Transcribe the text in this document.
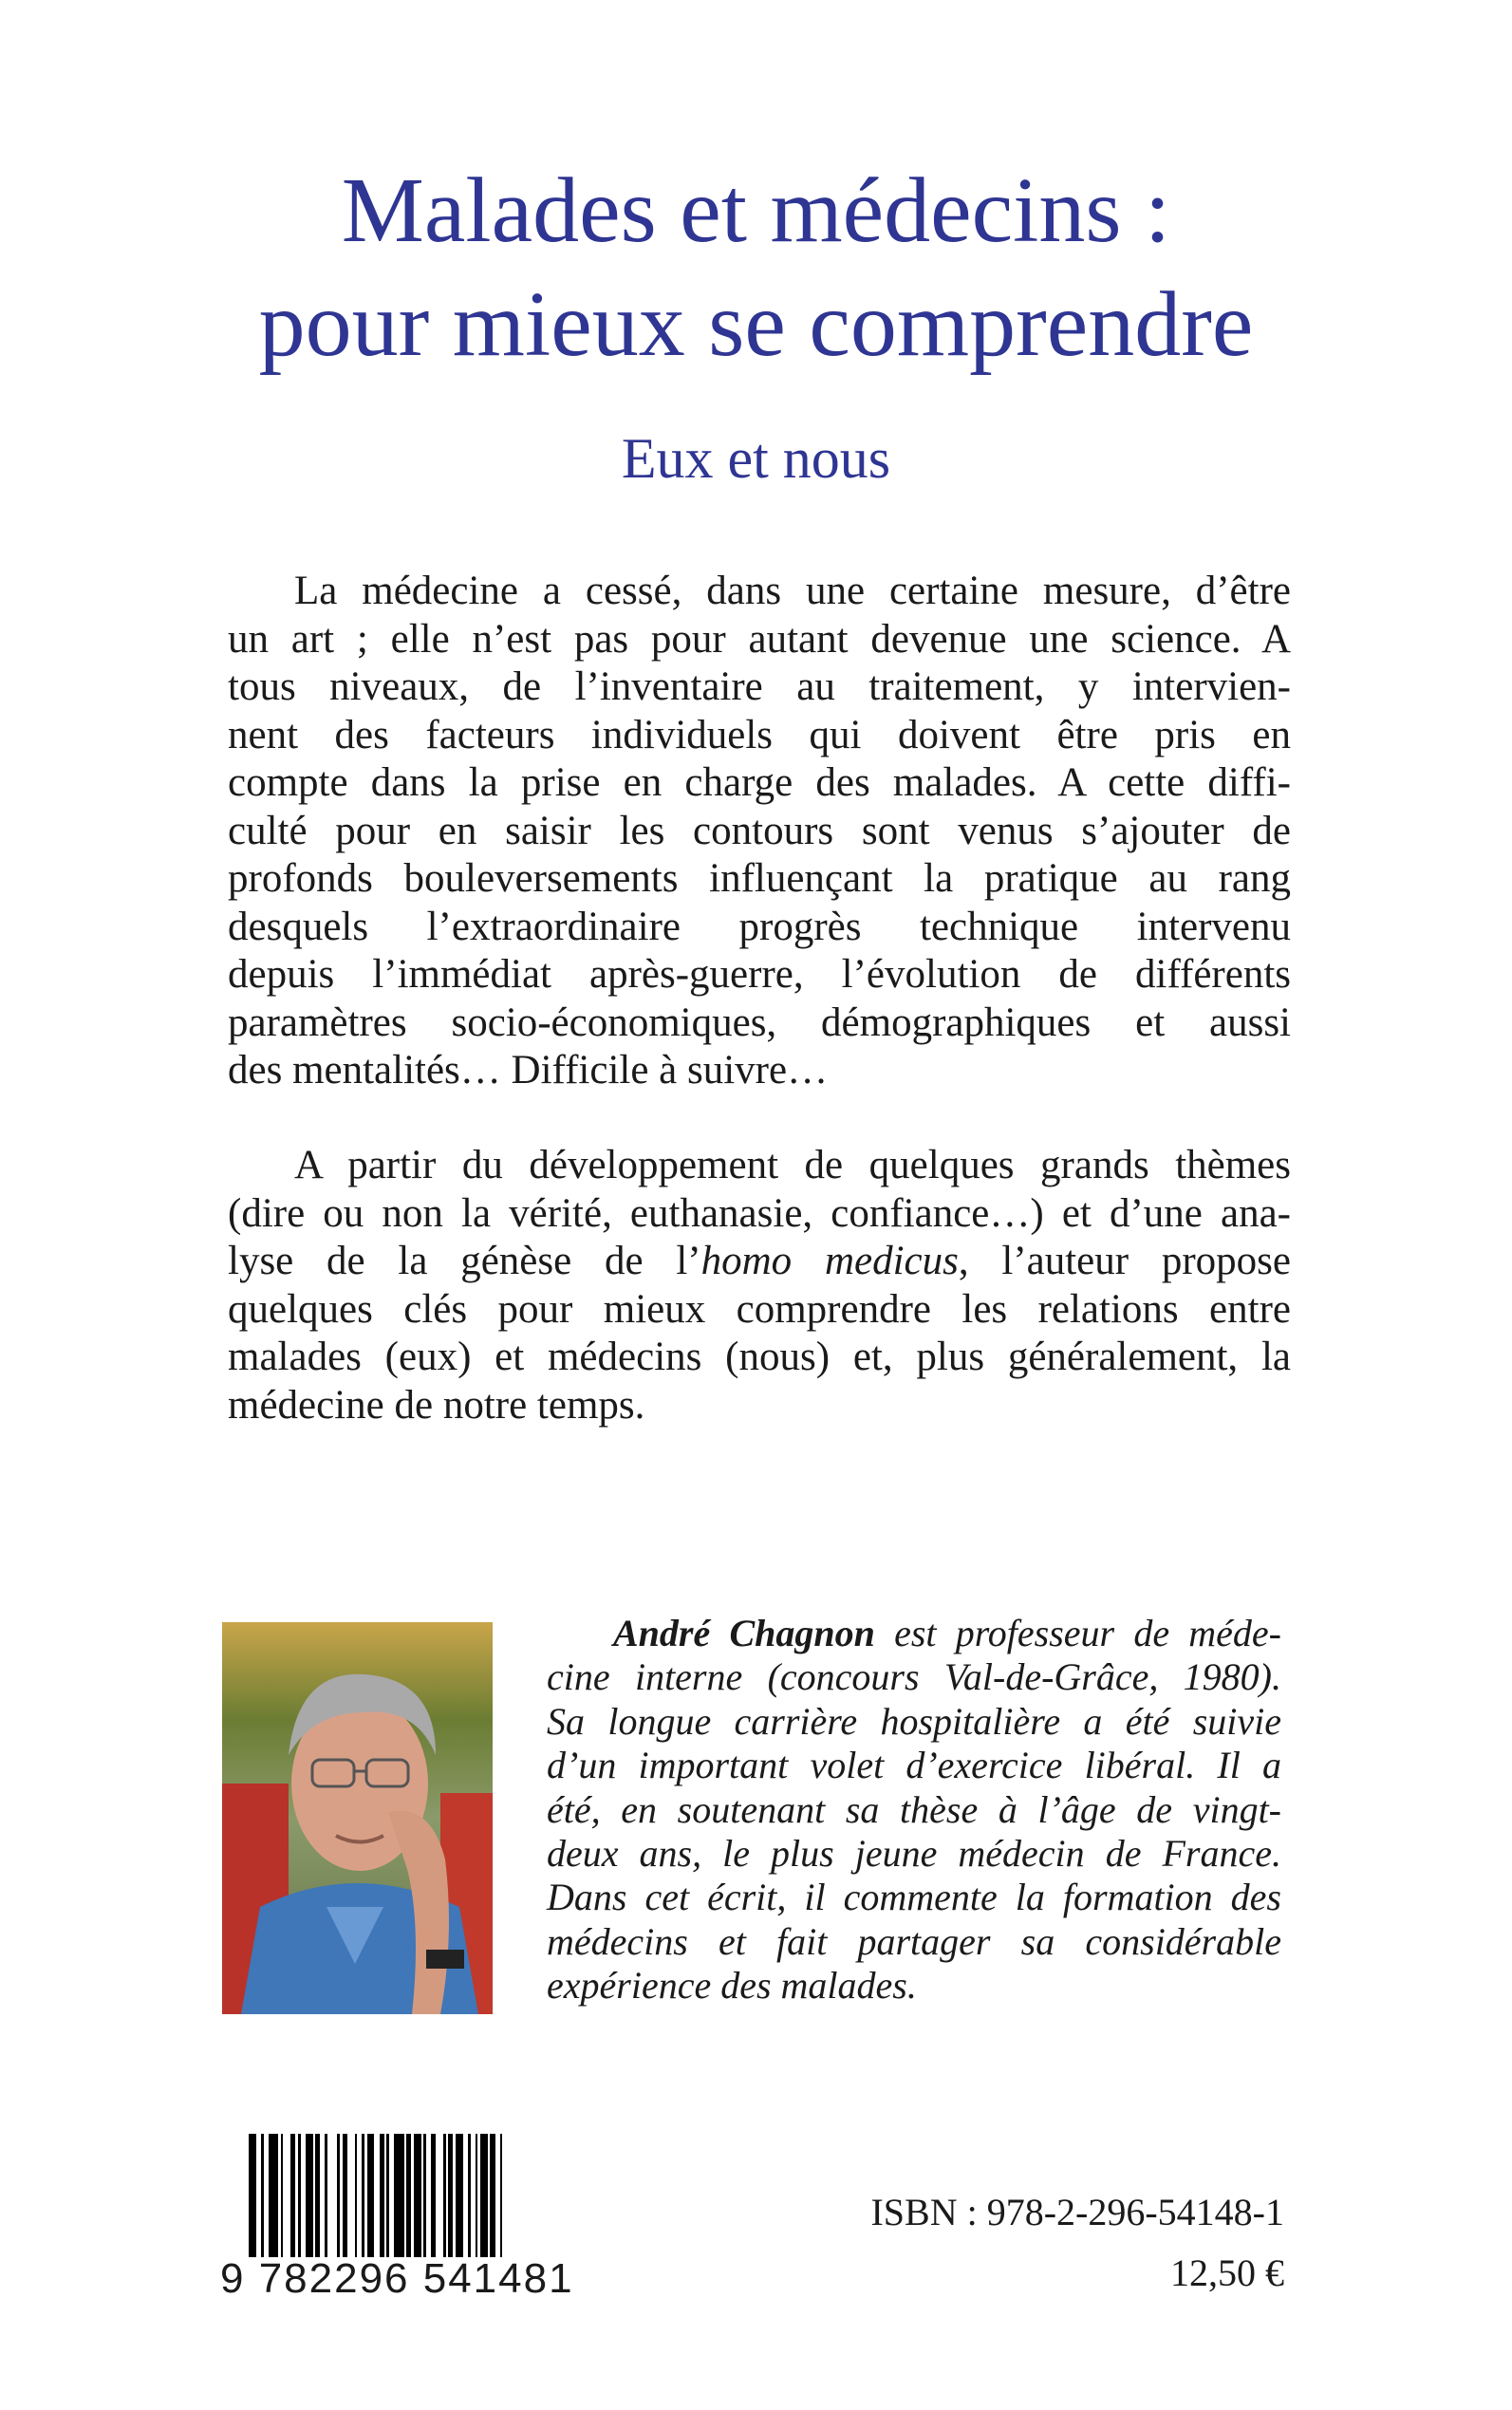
Malades et médecins :
pour mieux se comprendre
Eux et nous
La médecine a cessé, dans une certaine mesure, d’être
un art ; elle n’est pas pour autant devenue une science. A
tous niveaux, de l’inventaire au traitement, y intervien-
nent des facteurs individuels qui doivent être pris en
compte dans la prise en charge des malades. A cette diffi-
culté pour en saisir les contours sont venus s’ajouter de
profonds bouleversements influençant la pratique au rang
desquels l’extraordinaire progrès technique intervenu
depuis l’immédiat après-guerre, l’évolution de différents
paramètres socio-économiques, démographiques et aussi
des mentalités… Difficile à suivre…
A partir du développement de quelques grands thèmes
(dire ou non la vérité, euthanasie, confiance…) et d’une ana-
lyse de la génèse de l’homo medicus, l’auteur propose
quelques clés pour mieux comprendre les relations entre
malades (eux) et médecins (nous) et, plus généralement, la
médecine de notre temps.
André Chagnon est professeur de méde-
cine interne (concours Val-de-Grâce, 1980).
Sa longue carrière hospitalière a été suivie
d’un important volet d’exercice libéral. Il a
été, en soutenant sa thèse à l’âge de vingt-
deux ans, le plus jeune médecin de France.
Dans cet écrit, il commente la formation des
médecins et fait partager sa considérable
expérience des malades.
9 782296 541481
ISBN : 978-2-296-54148-1
12,50 €
